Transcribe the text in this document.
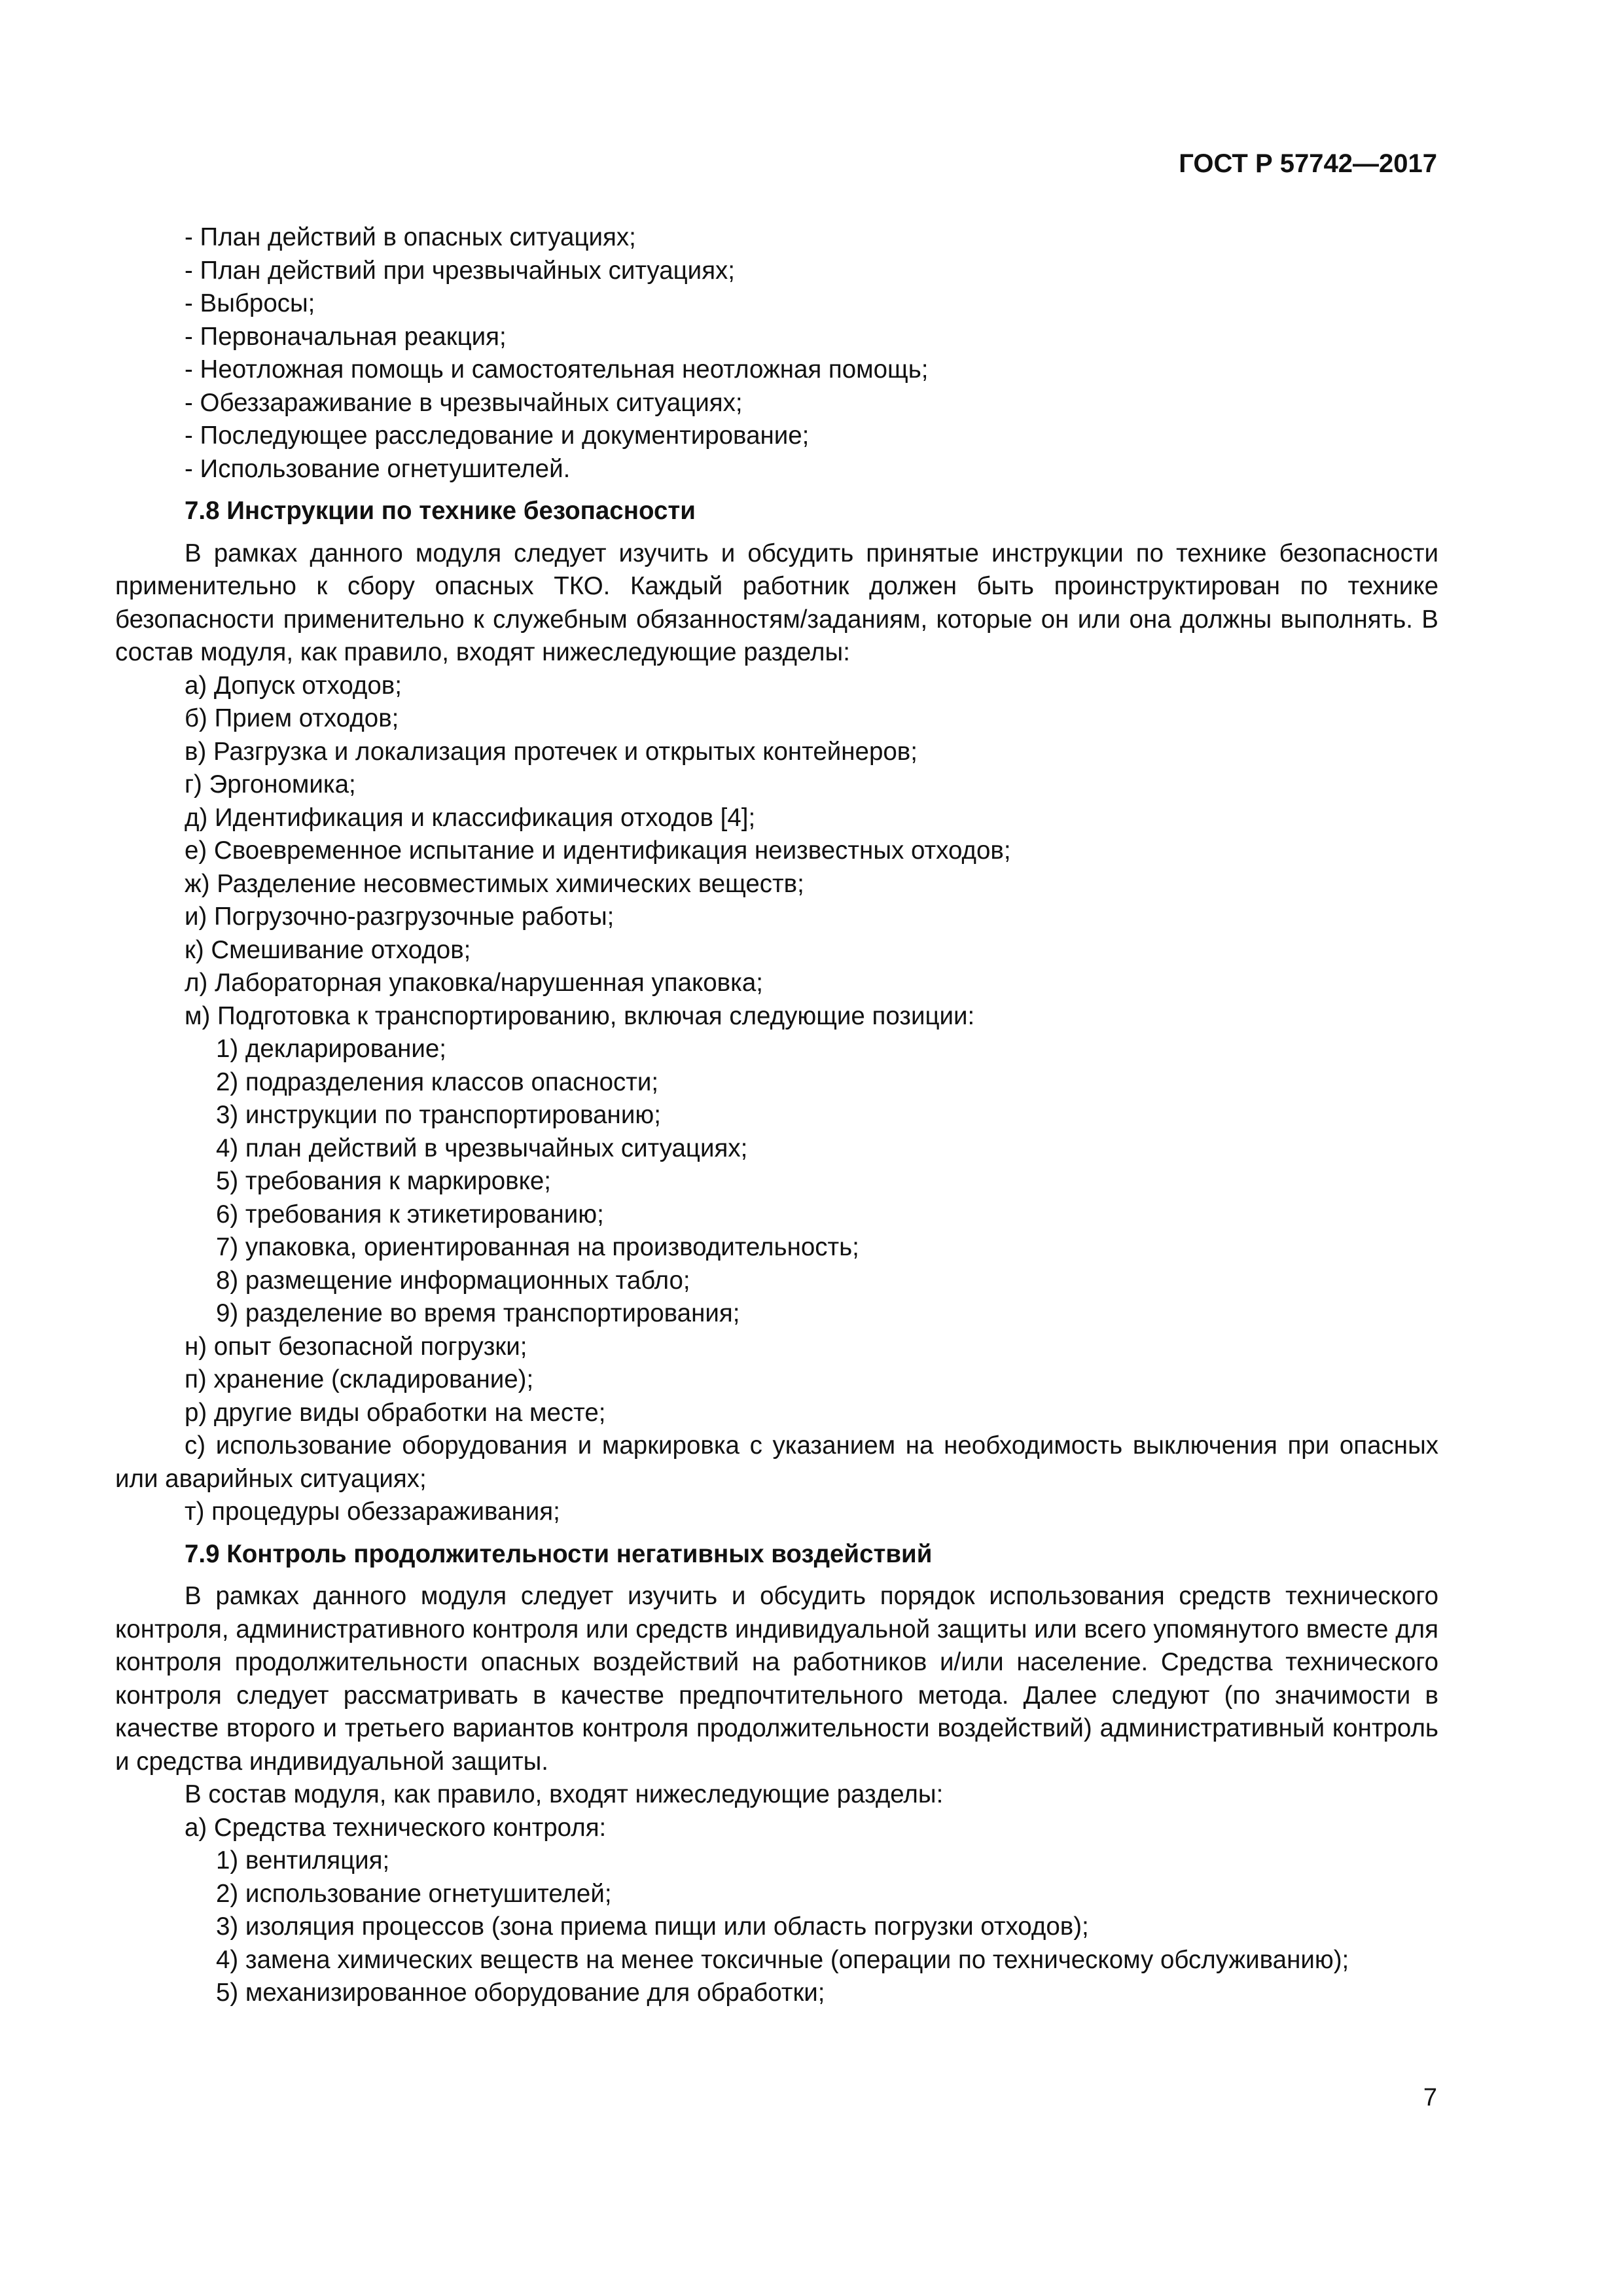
ГОСТ Р 57742—2017
- План действий в опасных ситуациях;
- План действий при чрезвычайных ситуациях;
- Выбросы;
- Первоначальная реакция;
- Неотложная помощь и самостоятельная неотложная помощь;
- Обеззараживание в чрезвычайных ситуациях;
- Последующее расследование и документирование;
- Использование огнетушителей.
7.8 Инструкции по технике безопасности

В рамках данного модуля следует изучить и обсудить принятые инструкции по технике безопасности применительно к сбору опасных ТКО. Каждый работник должен быть проинструктирован по технике безопасности применительно к служебным обязанностям/заданиям, которые он или она должны выполнять. В состав модуля, как правило, входят нижеследующие разделы:

а) Допуск отходов;
б) Прием отходов;
в) Разгрузка и локализация протечек и открытых контейнеров;
г) Эргономика;
д) Идентификация и классификация отходов [4];
е) Своевременное испытание и идентификация неизвестных отходов;
ж) Разделение несовместимых химических веществ;
и) Погрузочно-разгрузочные работы;
к) Смешивание отходов;
л) Лабораторная упаковка/нарушенная упаковка;
м) Подготовка к транспортированию, включая следующие позиции:
1) декларирование;
2) подразделения классов опасности;
3) инструкции по транспортированию;
4) план действий в чрезвычайных ситуациях;
5) требования к маркировке;
6) требования к этикетированию;
7) упаковка, ориентированная на производительность;
8) размещение информационных табло;
9) разделение во время транспортирования;
н) опыт безопасной погрузки;
п) хранение (складирование);
р) другие виды обработки на месте;

с) использование оборудования и маркировка с указанием на необходимость выключения при опасных или аварийных ситуациях;

т) процедуры обеззараживания;
7.9 Контроль продолжительности негативных воздействий

В рамках данного модуля следует изучить и обсудить порядок использования средств технического контроля, административного контроля или средств индивидуальной защиты или всего упомянутого вместе для контроля продолжительности опасных воздействий на работников и/или население. Средства технического контроля следует рассматривать в качестве предпочтительного метода. Далее следуют (по значимости в качестве второго и третьего вариантов контроля продолжительности воздействий) административный контроль и средства индивидуальной защиты.

В состав модуля, как правило, входят нижеследующие разделы:
а) Средства технического контроля:
1) вентиляция;
2) использование огнетушителей;
3) изоляция процессов (зона приема пищи или область погрузки отходов);
4) замена химических веществ на менее токсичные (операции по техническому обслуживанию);
5) механизированное оборудование для обработки;
7
